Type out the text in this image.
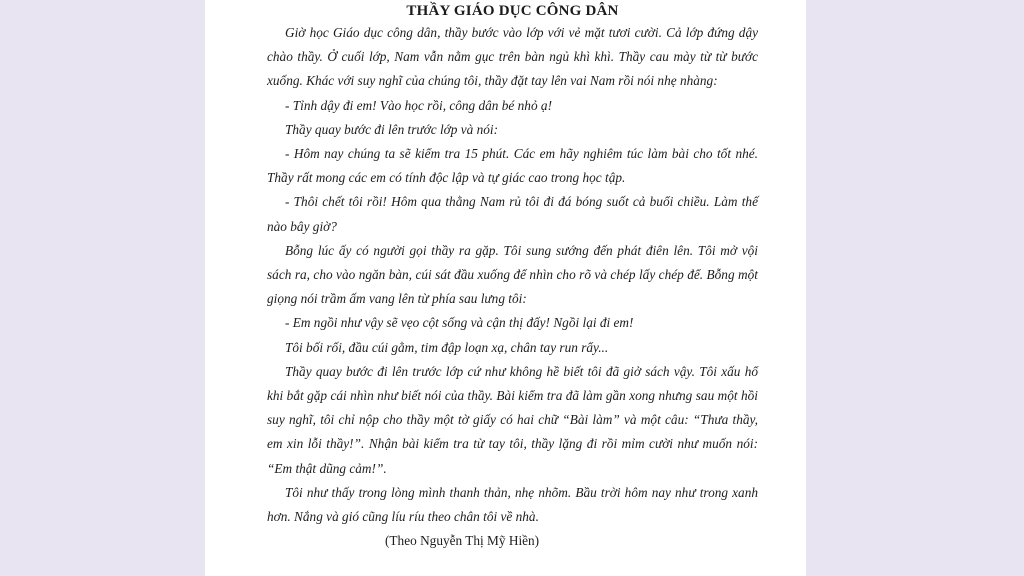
THẦY GIÁO DỤC CÔNG DÂN

Giờ học Giáo dục công dân, thầy bước vào lớp với vẻ mặt tươi cười. Cả lớp đứng dậy chào thầy. Ở cuối lớp, Nam vẫn nằm gục trên bàn ngủ khì khì. Thầy cau mày từ từ bước xuống. Khác với suy nghĩ của chúng tôi, thầy đặt tay lên vai Nam rồi nói nhẹ nhàng:

- Tỉnh dậy đi em! Vào học rồi, công dân bé nhỏ ạ!

Thầy quay bước đi lên trước lớp và nói:

- Hôm nay chúng ta sẽ kiểm tra 15 phút. Các em hãy nghiêm túc làm bài cho tốt nhé. Thầy rất mong các em có tính độc lập và tự giác cao trong học tập.

- Thôi chết tôi rồi! Hôm qua thằng Nam rủ tôi đi đá bóng suốt cả buổi chiều. Làm thế nào bây giờ?

Bỗng lúc ấy có người gọi thầy ra gặp. Tôi sung sướng đến phát điên lên. Tôi mở vội sách ra, cho vào ngăn bàn, cúi sát đầu xuống để nhìn cho rõ và chép lấy chép để. Bỗng một giọng nói trầm ấm vang lên từ phía sau lưng tôi:

- Em ngồi như vậy sẽ vẹo cột sống và cận thị đấy! Ngồi lại đi em!

Tôi bối rối, đầu cúi gằm, tim đập loạn xạ, chân tay run rẩy...

Thầy quay bước đi lên trước lớp cứ như không hề biết tôi đã giở sách vậy. Tôi xấu hổ khi bắt gặp cái nhìn như biết nói của thầy. Bài kiểm tra đã làm gần xong nhưng sau một hồi suy nghĩ, tôi chỉ nộp cho thầy một tờ giấy có hai chữ “Bài làm” và một câu: “Thưa thầy, em xin lỗi thầy!”. Nhận bài kiểm tra từ tay tôi, thầy lặng đi rồi mỉm cười như muốn nói: “Em thật dũng cảm!”.

Tôi như thấy trong lòng mình thanh thản, nhẹ nhõm. Bầu trời hôm nay như trong xanh hơn. Nắng và gió cũng líu ríu theo chân tôi về nhà.

(Theo Nguyễn Thị Mỹ Hiền)
